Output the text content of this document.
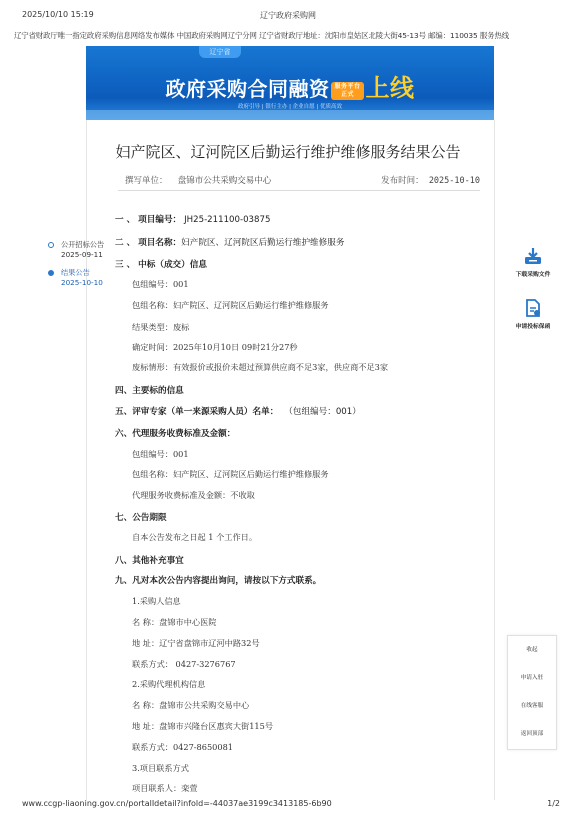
2025/10/10 15:19	辽宁政府采购网
辽宁省财政厅唯一指定政府采购信息网络发布媒体 中国政府采购网辽宁分网 辽宁省财政厅地址：沈阳市皇姑区北陵大街45-13号 邮编：110035 服务热线
辽宁省
政府采购合同融资 服务平台
正式 上线
政府引导 | 银行主办 | 企业自愿 | 优质高效
妇产院区、辽河院区后勤运行维护维修服务结果公告
撰写单位： 盘锦市公共采购交易中心	发布时间： 2025-10-10
公开招标公告
2025-09-11
结果公告
2025-10-10
下载采购文件
申请投标保函
收起
申请入驻
在线客服
返回顶部
一 、 项目编号： JH25-211100-03875
二 、 项目名称：妇产院区、辽河院区后勤运行维护维修服务
三 、 中标（成交）信息
包组编号：001
包组名称：妇产院区、辽河院区后勤运行维护维修服务
结果类型：废标
确定时间：2025年10月10日 09时21分27秒
废标情形：有效报价或报价未超过预算供应商不足3家，供应商不足3家
四、主要标的信息
五、评审专家（单一来源采购人员）名单： （包组编号：001）
六、代理服务收费标准及金额：
包组编号：001
包组名称：妇产院区、辽河院区后勤运行维护维修服务
代理服务收费标准及金额：不收取
七、公告期限
自本公告发布之日起 1 个工作日。
八、其他补充事宜
九、凡对本次公告内容提出询问，请按以下方式联系。
1.采购人信息
名 称：盘锦市中心医院
地 址：辽宁省盘锦市辽河中路32号
联系方式： 0427-3276767
2.采购代理机构信息
名 称：盘锦市公共采购交易中心
地 址：盘锦市兴隆台区惠宾大街115号
联系方式：0427-8650081
3.项目联系方式
项目联系人：栾萱
www.ccgp-liaoning.gov.cn/portalIdetail?infold=-44037ae3199c3413185-6b90	1/2
